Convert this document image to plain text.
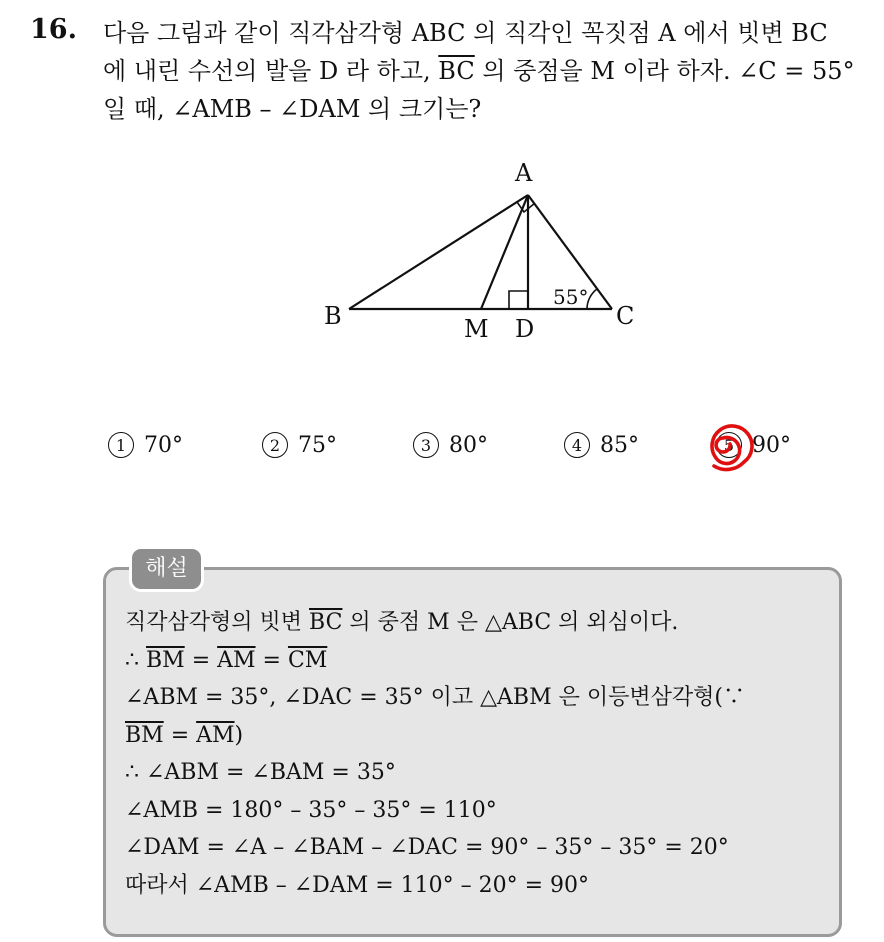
16. 다음 그림과 같이 직각삼각형 ABC 의 직각인 꼭짓점 A 에서 빗변 BC
에 내린 수선의 발을 D 라 하고, $\overline{BC}$ 의 중점을 M 이라 하자. ∠C = 55°
일 때, ∠AMB – ∠DAM 의 크기는?
A
B	C
M D
55°
1 70°	2 75°	3 80°	4 85°	5 90°
해설
직각삼각형의 빗변 $\overline{BC}$ 의 중점 M 은 △ABC 의 외심이다.
∴ $\overline{BM} = \overline{AM} = \overline{CM}$
∠ABM = 35°, ∠DAC = 35° 이고 △ABM 은 이등변삼각형(∵
$\overline{BM} = \overline{AM}$)
∴ ∠ABM = ∠BAM = 35°
∠AMB = 180° – 35° – 35° = 110°
∠DAM = ∠A – ∠BAM – ∠DAC = 90° – 35° – 35° = 20°
따라서 ∠AMB – ∠DAM = 110° – 20° = 90°
